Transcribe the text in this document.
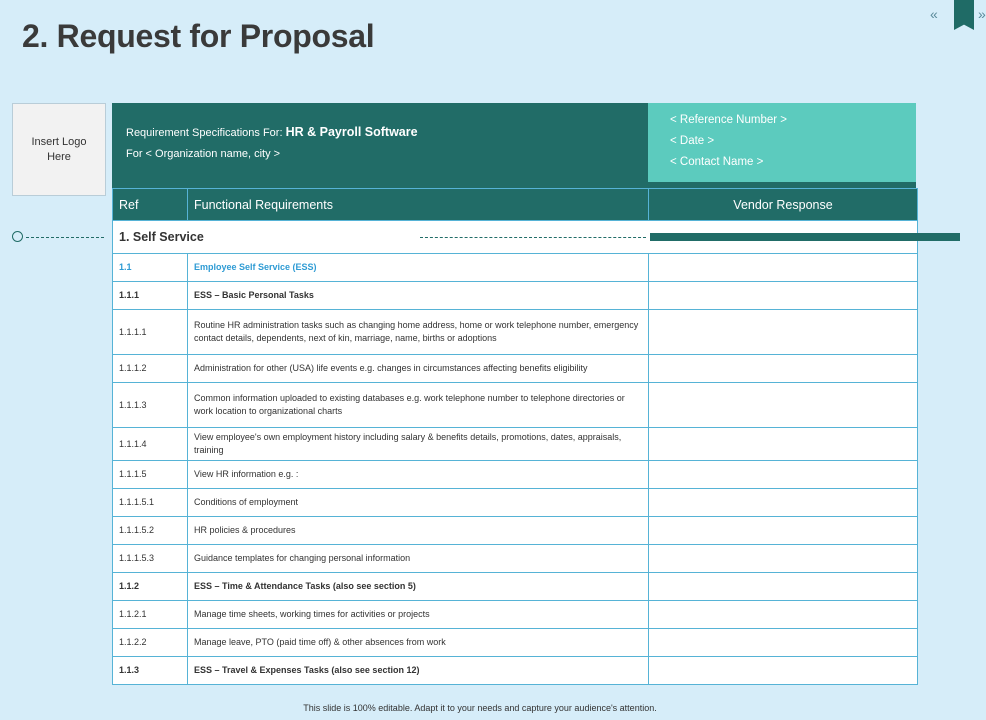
2. Request for Proposal
«	»
Insert Logo Here
Requirement Specifications For: HR & Payroll Software
For < Organization name, city >
< Reference Number >
< Date >
< Contact Name >
Ref	Functional Requirements	Vendor Response
1. Self Service		
1.1	Employee Self Service (ESS)	
1.1.1	ESS – Basic Personal Tasks	
1.1.1.1	Routine HR administration tasks such as changing home address, home or work telephone number, emergency contact details, dependents, next of kin, marriage, name, births or adoptions	
1.1.1.2	Administration for other (USA) life events e.g. changes in circumstances affecting benefits eligibility	
1.1.1.3	Common information uploaded to existing databases e.g. work telephone number to telephone directories or work location to organizational charts	
1.1.1.4	View employee's own employment history including salary & benefits details, promotions, dates, appraisals, training	
1.1.1.5	View HR information e.g. :	
1.1.1.5.1	Conditions of employment	
1.1.1.5.2	HR policies & procedures	
1.1.1.5.3	Guidance templates for changing personal information	
1.1.2	ESS – Time & Attendance Tasks (also see section 5)	
1.1.2.1	Manage time sheets, working times for activities or projects	
1.1.2.2	Manage leave, PTO (paid time off) & other absences from work	
1.1.3	ESS – Travel & Expenses Tasks (also see section 12)	
This slide is 100% editable. Adapt it to your needs and capture your audience's attention.
